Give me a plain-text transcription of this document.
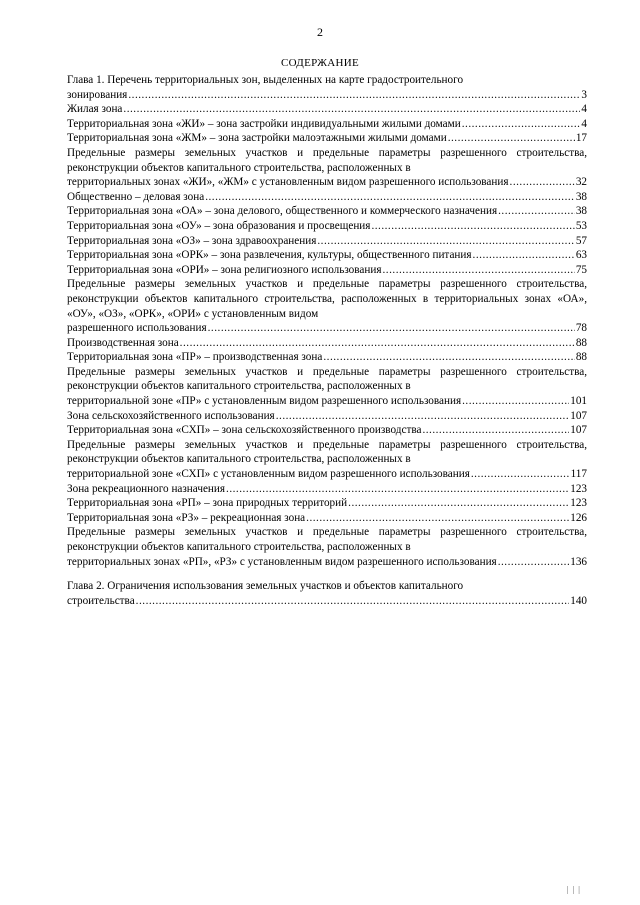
2
СОДЕРЖАНИЕ
Глава 1. Перечень территориальных зон, выделенных на карте градостроительного
зонирования .....	3
Жилая зона .....	4
Территориальная зона «ЖИ» – зона застройки индивидуальными жилыми домами .....	4
Территориальная зона «ЖМ» – зона застройки малоэтажными жилыми домами .....	17
Предельные размеры земельных участков и предельные параметры разрешенного строительства, реконструкции объектов капитального строительства, расположенных в
территориальных зонах «ЖИ», «ЖМ» с установленным видом разрешенного использования .....	32
Общественно – деловая зона .....	38
Территориальная зона «ОА» – зона делового, общественного и коммерческого назначения .....	38
Территориальная зона «ОУ» – зона образования и просвещения .....	53
Территориальная зона «ОЗ» – зона здравоохранения .....	57
Территориальная зона «ОРК» – зона развлечения, культуры, общественного питания .....	63
Территориальная зона «ОРИ» – зона религиозного использования .....	75
Предельные размеры земельных участков и предельные параметры разрешенного строительства, реконструкции объектов капитального строительства, расположенных в территориальных зонах «ОА», «ОУ», «ОЗ», «ОРК», «ОРИ» с установленным видом
разрешенного использования .....	78
Производственная зона .....	88
Территориальная зона «ПР» – производственная зона .....	88
Предельные размеры земельных участков и предельные параметры разрешенного строительства, реконструкции объектов капитального строительства, расположенных в
территориальной зоне «ПР» с установленным видом разрешенного использования .....	101
Зона сельскохозяйственного использования .....	107
Территориальная зона «СХП» – зона сельскохозяйственного производства .....	107
Предельные размеры земельных участков и предельные параметры разрешенного строительства, реконструкции объектов капитального строительства, расположенных в
территориальной зоне «СХП» с установленным видом разрешенного использования .....	117
Зона рекреационного назначения .....	123
Территориальная зона «РП» – зона природных территорий .....	123
Территориальная зона «РЗ» – рекреационная зона .....	126
Предельные размеры земельных участков и предельные параметры разрешенного строительства, реконструкции объектов капитального строительства, расположенных в
территориальных зонах «РП», «РЗ» с установленным видом разрешенного использования .....	136
Глава 2. Ограничения использования земельных участков и объектов капитального
строительства .....	140
| | |
